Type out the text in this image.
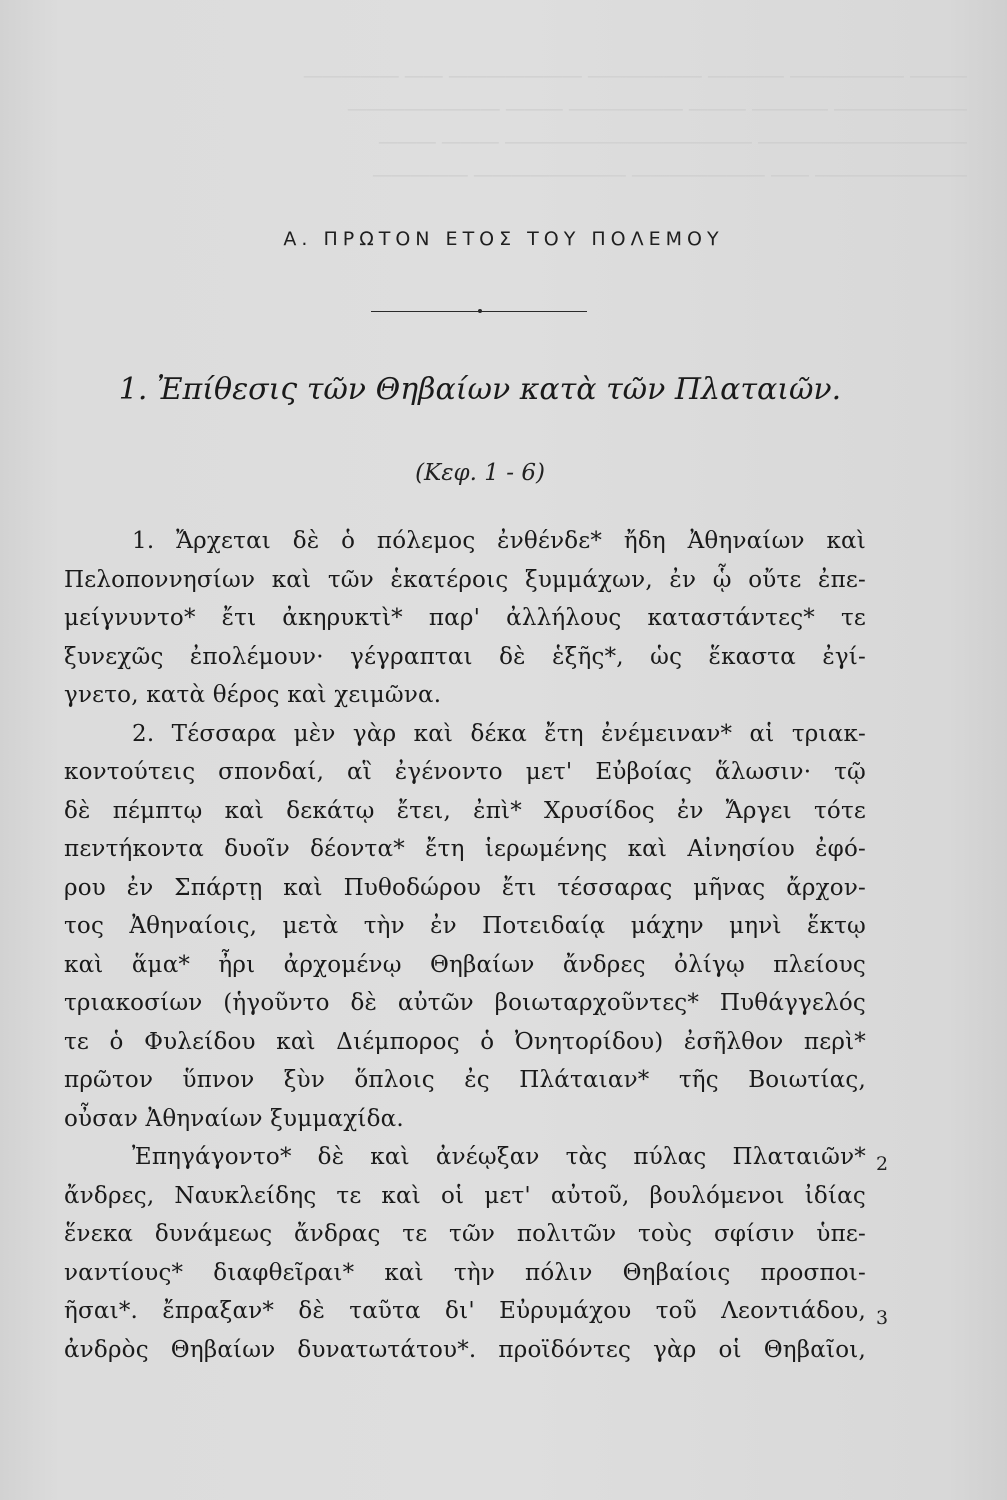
――― ―――――― ―――― ―――――― ――――――― ―― ―――――
――――――― ―――― ――― ―――――― ――― ――――――――
――――――――――― ――――――――――――― ――― ―――
―――――――― ―― ――――――― ―――――――― ―――――
Α. ΠΡΩΤΟΝ ΕΤΟΣ ΤΟΥ ΠΟΛΕΜΟΥ
1. Ἐπίθεσις τῶν Θηβαίων κατὰ τῶν Πλαταιῶν.
(Κεφ. 1 - 6)
1. Ἄρχεται δὲ ὁ πόλεμος ἐνθένδε* ἤδη Ἀθηναίων καὶ
Πελοποννησίων καὶ τῶν ἑκατέροις ξυμμάχων, ἐν ᾧ οὔτε ἐπε-
μείγνυντο* ἔτι ἀκηρυκτὶ* παρ' ἀλλήλους καταστάντες* τε
ξυνεχῶς ἐπολέμουν· γέγραπται δὲ ἑξῆς*, ὡς ἕκαστα ἐγί-
γνετο, κατὰ θέρος καὶ χειμῶνα.
2. Τέσσαρα μὲν γὰρ καὶ δέκα ἔτη ἐνέμειναν* αἱ τριακ-
κοντούτεις σπονδαί, αἳ ἐγένοντο μετ' Εὐβοίας ἅλωσιν· τῷ
δὲ πέμπτῳ καὶ δεκάτῳ ἔτει, ἐπὶ* Χρυσίδος ἐν Ἄργει τότε
πεντήκοντα δυοῖν δέοντα* ἔτη ἱερωμένης καὶ Αἰνησίου ἐφό-
ρου ἐν Σπάρτῃ καὶ Πυθοδώρου ἔτι τέσσαρας μῆνας ἄρχον-
τος Ἀθηναίοις, μετὰ τὴν ἐν Ποτειδαίᾳ μάχην μηνὶ ἕκτῳ
καὶ ἅμα* ἦρι ἀρχομένῳ Θηβαίων ἄνδρες ὀλίγῳ πλείους
τριακοσίων (ἡγοῦντο δὲ αὐτῶν βοιωταρχοῦντες* Πυθάγγελός
τε ὁ Φυλείδου καὶ Διέμπορος ὁ Ὀνητορίδου) ἐσῆλθον περὶ*
πρῶτον ὕπνον ξὺν ὅπλοις ἐς Πλάταιαν* τῆς Βοιωτίας,
οὖσαν Ἀθηναίων ξυμμαχίδα.
Ἐπηγάγοντο* δὲ καὶ ἀνέῳξαν τὰς πύλας Πλαταιῶν*
ἄνδρες, Ναυκλείδης τε καὶ οἱ μετ' αὐτοῦ, βουλόμενοι ἰδίας
ἕνεκα δυνάμεως ἄνδρας τε τῶν πολιτῶν τοὺς σφίσιν ὑπε-
ναντίους* διαφθεῖραι* καὶ τὴν πόλιν Θηβαίοις προσποι-
ῆσαι*. ἔπραξαν* δὲ ταῦτα δι' Εὐρυμάχου τοῦ Λεοντιάδου,
ἀνδρὸς Θηβαίων δυνατωτάτου*. προϊδόντες γὰρ οἱ Θηβαῖοι,
2
3
